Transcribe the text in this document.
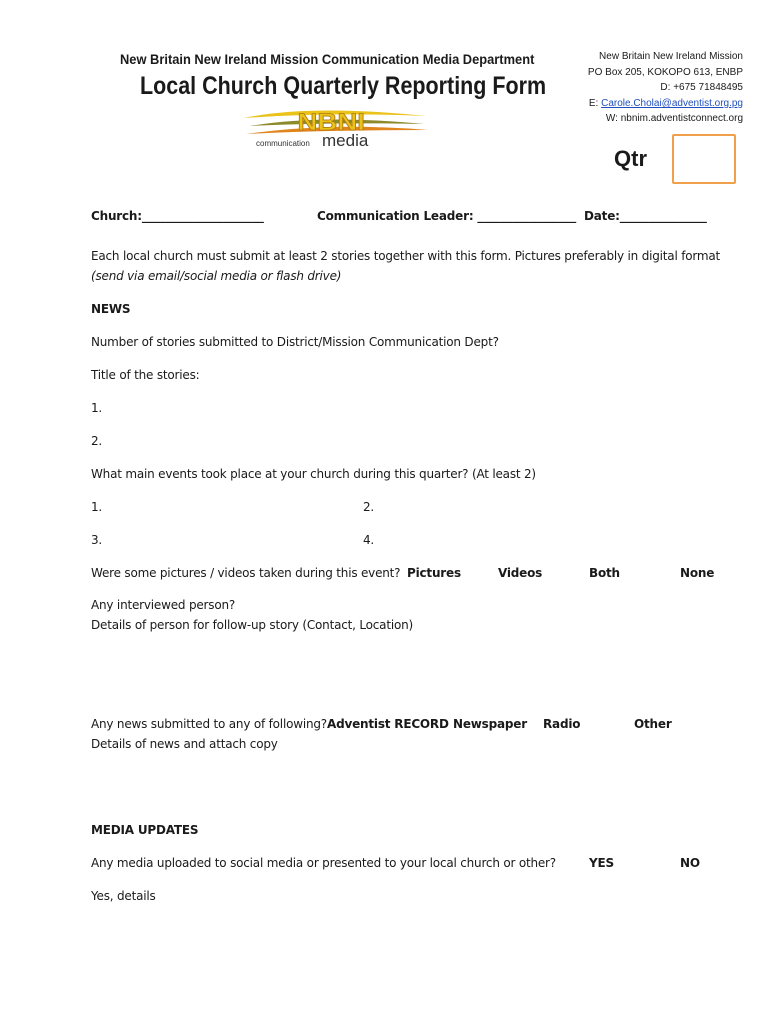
New Britain New Ireland Mission Communication Media Department
Local Church Quarterly Reporting Form
NBNI
communication media
New Britain New Ireland Mission
PO Box 205, KOKOPO 613, ENBP
D: +675 71848495
E: Carole.Cholai@adventist.org.pg
W: nbnim.adventistconnect.org
Qtr
Church:_____________________	Communication Leader: _________________ Date:_______________
Each local church must submit at least 2 stories together with this form. Pictures preferably in digital format
(send via email/social media or flash drive)
NEWS
Number of stories submitted to District/Mission Communication Dept?
Title of the stories:
1.
2.
What main events took place at your church during this quarter? (At least 2)
1.	2.
3.	4.
Were some pictures / videos taken during this event? Pictures	Videos	Both	None
Any interviewed person?
Details of person for follow-up story (Contact, Location)
Any news submitted to any of following? Adventist RECORD Newspaper Radio	Other
Details of news and attach copy
MEDIA UPDATES
Any media uploaded to social media or presented to your local church or other?	YES	NO
Yes, details
